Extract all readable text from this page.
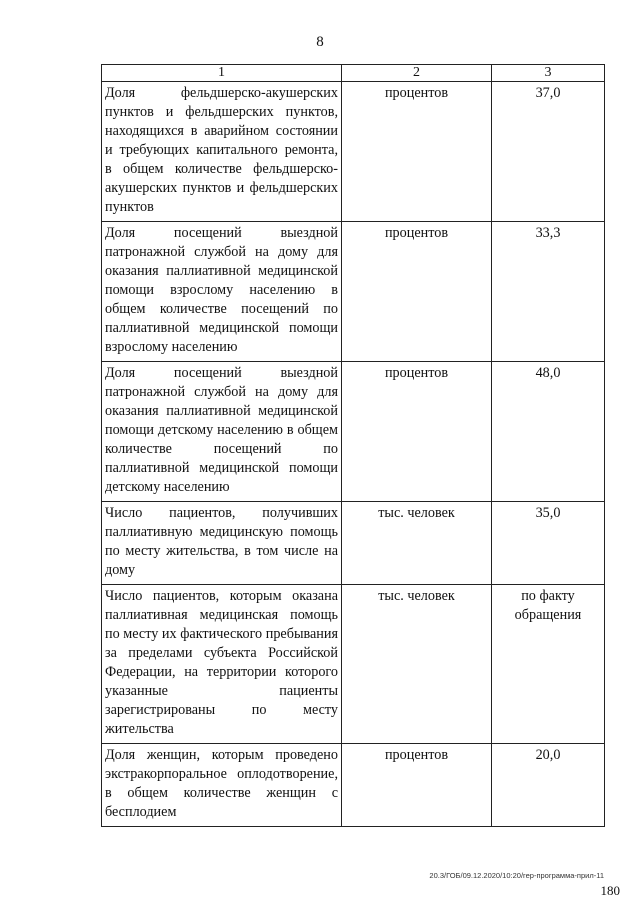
8
1	2	3
Доля фельдшерско-акушерских пунктов и фельдшерских пунктов, находящихся в аварийном состоянии и требующих капитального ремонта, в общем количестве фельдшерско-акушерских пунктов и фельдшерских пунктов	процентов	37,0
Доля посещений выездной патронажной службой на дому для оказания паллиативной медицинской помощи взрослому населению в общем количестве посещений по паллиативной медицинской помощи взрослому населению	процентов	33,3
Доля посещений выездной патронажной службой на дому для оказания паллиативной медицинской помощи детскому населению в общем количестве посещений по паллиативной медицинской помощи детскому населению	процентов	48,0
Число пациентов, получивших паллиативную медицинскую помощь по месту жительства, в том числе на дому	тыс. человек	35,0
Число пациентов, которым оказана паллиативная медицинская помощь по месту их фактического пребывания за пределами субъекта Российской Федерации, на территории которого указанные пациенты зарегистрированы по месту жительства	тыс. человек	по факту обращения
Доля женщин, которым проведено экстракорпоральное оплодотворение, в общем количестве женщин с бесплодием	процентов	20,0
20.3/ГОБ/09.12.2020/10:20/гер-программа-прил-11
180
